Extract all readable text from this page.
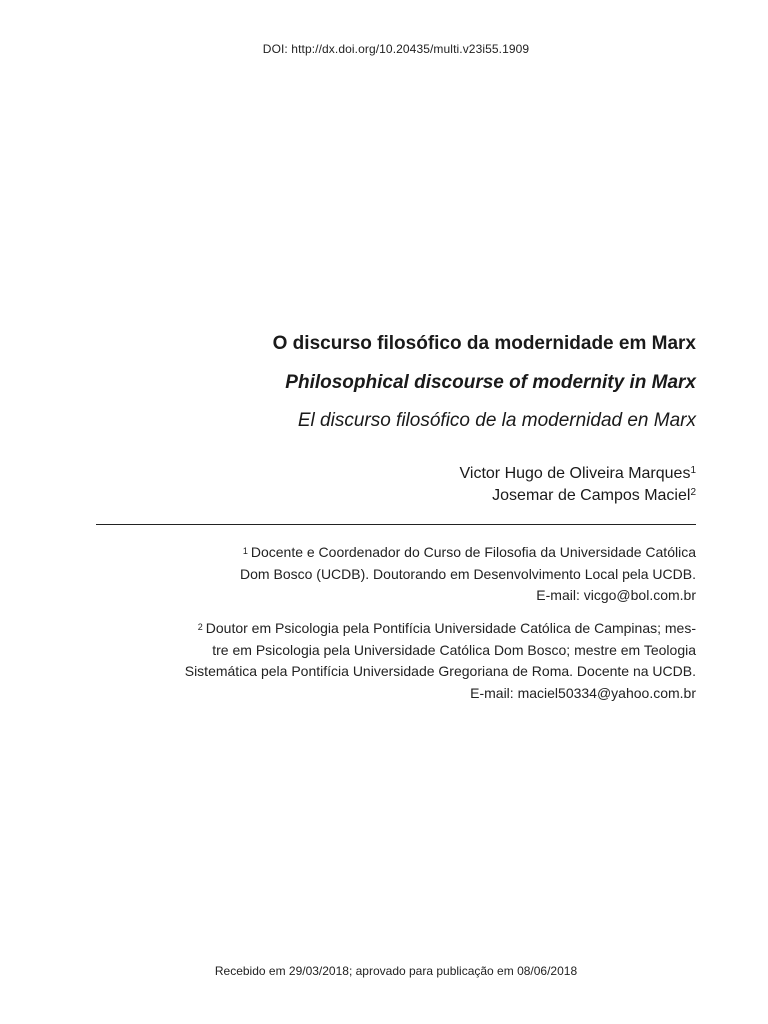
DOI: http://dx.doi.org/10.20435/multi.v23i55.1909

O discurso filosófico da modernidade em Marx

Philosophical discourse of modernity in Marx

El discurso filosófico de la modernidad en Marx

Victor Hugo de Oliveira Marques$^1$
Josemar de Campos Maciel$^2$
$^1$ Docente e Coordenador do Curso de Filosofia da Universidade Católica
Dom Bosco (UCDB). Doutorando em Desenvolvimento Local pela UCDB.
E-mail: vicgo@bol.com.br
$^2$ Doutor em Psicologia pela Pontifícia Universidade Católica de Campinas; mes-
tre em Psicologia pela Universidade Católica Dom Bosco; mestre em Teologia
Sistemática pela Pontifícia Universidade Gregoriana de Roma. Docente na UCDB.
E-mail: maciel50334@yahoo.com.br
Recebido em 29/03/2018; aprovado para publicação em 08/06/2018
